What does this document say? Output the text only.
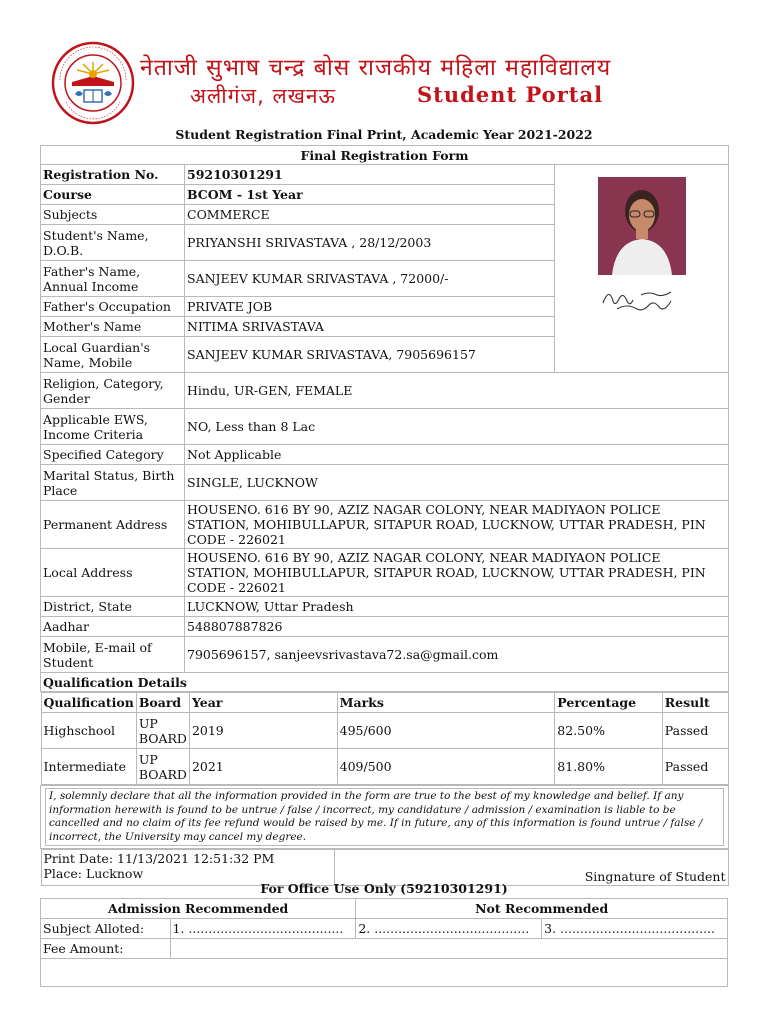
नेताजी सुभाष चन्द्र बोस राजकीय महिला महाविद्यालय
अलीगंज, लखनऊ	Student Portal
Student Registration Final Print, Academic Year 2021-2022
Final Registration Form
Registration No.	59210301291	

Course	BCOM - 1st Year
Subjects	COMMERCE
Student's Name, D.O.B.	PRIYANSHI SRIVASTAVA , 28/12/2003
Father's Name, Annual Income	SANJEEV KUMAR SRIVASTAVA , 72000/-
Father's Occupation	PRIVATE JOB
Mother's Name	NITIMA SRIVASTAVA
Local Guardian's Name, Mobile	SANJEEV KUMAR SRIVASTAVA, 7905696157

Religion, Category, Gender	Hindu, UR-GEN, FEMALE
Applicable EWS, Income Criteria	NO, Less than 8 Lac
Specified Category	Not Applicable
Marital Status, Birth Place	SINGLE, LUCKNOW
Permanent Address	HOUSENO. 616 BY 90, AZIZ NAGAR COLONY, NEAR MADIYAON POLICE STATION, MOHIBULLAPUR, SITAPUR ROAD, LUCKNOW, UTTAR PRADESH, PIN CODE - 226021
Local Address	HOUSENO. 616 BY 90, AZIZ NAGAR COLONY, NEAR MADIYAON POLICE STATION, MOHIBULLAPUR, SITAPUR ROAD, LUCKNOW, UTTAR PRADESH, PIN CODE - 226021
District, State	LUCKNOW, Uttar Pradesh
Aadhar	548807887826
Mobile, E-mail of Student	7905696157, sanjeevsrivastava72.sa@gmail.com
Qualification Details

Qualification	Board	Year	Marks	Percentage	Result
Highschool	UP BOARD	2019	495/600	82.50%	Passed
Intermediate	UP BOARD	2021	409/500	81.80%	Passed

I, solemnly declare that all the information provided in the form are true to the best of my knowledge and belief. If any information herewith is found to be untrue / false / incorrect, my candidature / admission / examination is liable to be cancelled and no claim of its fee refund would be raised by me. If in future, any of this information is found untrue / false / incorrect, the University may cancel my degree.

Print Date: 11/13/2021 12:51:32 PM
Place: Lucknow	Singnature of Student
For Office Use Only (59210301291)
Admission Recommended		Not Recommended	
Subject Alloted:	1. .......................................	2. .......................................	3. .......................................
Fee Amount:			
